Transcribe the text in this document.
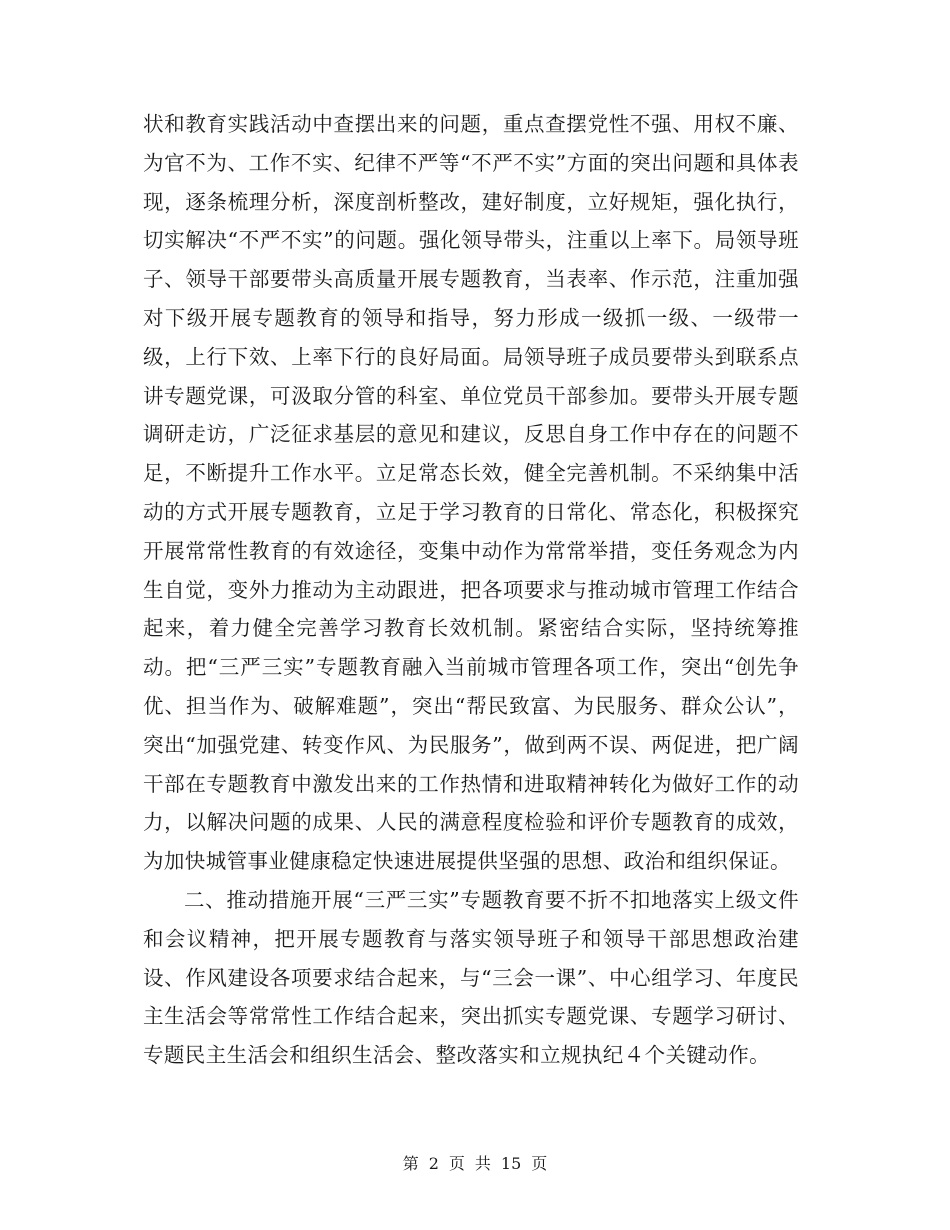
状和教育实践活动中查摆出来的问题，重点查摆党性不强、用权不廉、为官不为、工作不实、纪律不严等“不严不实”方面的突出问题和具体表现，逐条梳理分析，深度剖析整改，建好制度，立好规矩，强化执行，切实解决“不严不实”的问题。强化领导带头，注重以上率下。局领导班子、领导干部要带头高质量开展专题教育，当表率、作示范，注重加强对下级开展专题教育的领导和指导，努力形成一级抓一级、一级带一级，上行下效、上率下行的良好局面。局领导班子成员要带头到联系点讲专题党课，可汲取分管的科室、单位党员干部参加。要带头开展专题调研走访，广泛征求基层的意见和建议，反思自身工作中存在的问题不足，不断提升工作水平。立足常态长效，健全完善机制。不采纳集中活动的方式开展专题教育，立足于学习教育的日常化、常态化，积极探究开展常常性教育的有效途径，变集中动作为常常举措，变任务观念为内生自觉，变外力推动为主动跟进，把各项要求与推动城市管理工作结合起来，着力健全完善学习教育长效机制。紧密结合实际，坚持统筹推动。把“三严三实”专题教育融入当前城市管理各项工作，突出“创先争优、担当作为、破解难题”，突出“帮民致富、为民服务、群众公认”，突出“加强党建、转变作风、为民服务”，做到两不误、两促进，把广阔干部在专题教育中激发出来的工作热情和进取精神转化为做好工作的动力，以解决问题的成果、人民的满意程度检验和评价专题教育的成效，为加快城管事业健康稳定快速进展提供坚强的思想、政治和组织保证。

二、推动措施开展“三严三实”专题教育要不折不扣地落实上级文件和会议精神，把开展专题教育与落实领导班子和领导干部思想政治建设、作风建设各项要求结合起来，与“三会一课”、中心组学习、年度民主生活会等常常性工作结合起来，突出抓实专题党课、专题学习研讨、专题民主生活会和组织生活会、整改落实和立规执纪４个关键动作。

第 2 页 共 15 页
